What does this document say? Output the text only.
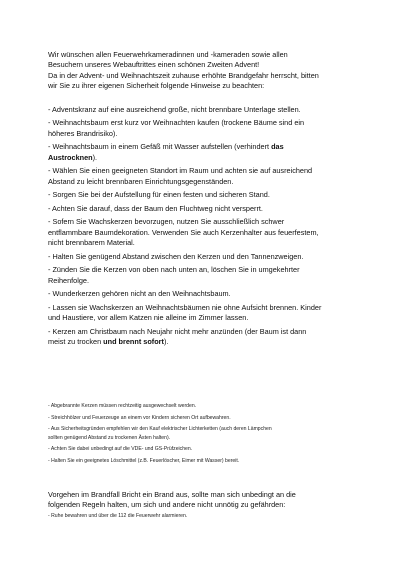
Wir wünschen allen Feuerwehrkameradinnen und -kameraden sowie allen

Besuchern unseres Webauftrittes einen schönen Zweiten Advent!

Da in der Advent- und Weihnachtszeit zuhause erhöhte Brandgefahr herrscht, bitten

wir Sie zu ihrer eigenen Sicherheit folgende Hinweise zu beachten:

- Adventskranz auf eine ausreichend große, nicht brennbare Unterlage stellen.

- Weihnachtsbaum erst kurz vor Weihnachten kaufen (trockene Bäume sind ein

höheres Brandrisiko).

- Weihnachtsbaum in einem Gefäß mit Wasser aufstellen (verhindert das

Austrocknen).

- Wählen Sie einen geeigneten Standort im Raum und achten sie auf ausreichend

Abstand zu leicht brennbaren Einrichtungsgegenständen.

- Sorgen Sie bei der Aufstellung für einen festen und sicheren Stand.

- Achten Sie darauf, dass der Baum den Fluchtweg nicht versperrt.

- Sofern Sie Wachskerzen bevorzugen, nutzen Sie ausschließlich schwer

entflammbare Baumdekoration. Verwenden Sie auch Kerzenhalter aus feuerfestem,

nicht brennbarem Material.

- Halten Sie genügend Abstand zwischen den Kerzen und den Tannenzweigen.

- Zünden Sie die Kerzen von oben nach unten an, löschen Sie in umgekehrter

Reihenfolge.

- Wunderkerzen gehören nicht an den Weihnachtsbaum.

- Lassen sie Wachskerzen an Weihnachtsbäumen nie ohne Aufsicht brennen. Kinder

und Haustiere, vor allem Katzen nie alleine im Zimmer lassen.

- Kerzen am Christbaum nach Neujahr nicht mehr anzünden (der Baum ist dann

meist zu trocken und brennt sofort).

- Abgebrannte Kerzen müssen rechtzeitig ausgewechselt werden.

- Streichhölzer und Feuerzeuge an einem vor Kindern sicheren Ort aufbewahren.

- Aus Sicherheitsgründen empfehlen wir den Kauf elektrischer Lichterketten (auch deren Lämpchen

sollten genügend Abstand zu trockenen Ästen halten).

- Achten Sie dabei unbedingt auf die VDE- und GS-Prüfzeichen.

- Halten Sie ein geeignetes Löschmittel (z.B. Feuerlöscher, Eimer mit Wasser) bereit.

Vorgehen im Brandfall Bricht ein Brand aus, sollte man sich unbedingt an die

folgenden Regeln halten, um sich und andere nicht unnötig zu gefährden:

- Ruhe bewahren und über die 112 die Feuerwehr alarmieren.
